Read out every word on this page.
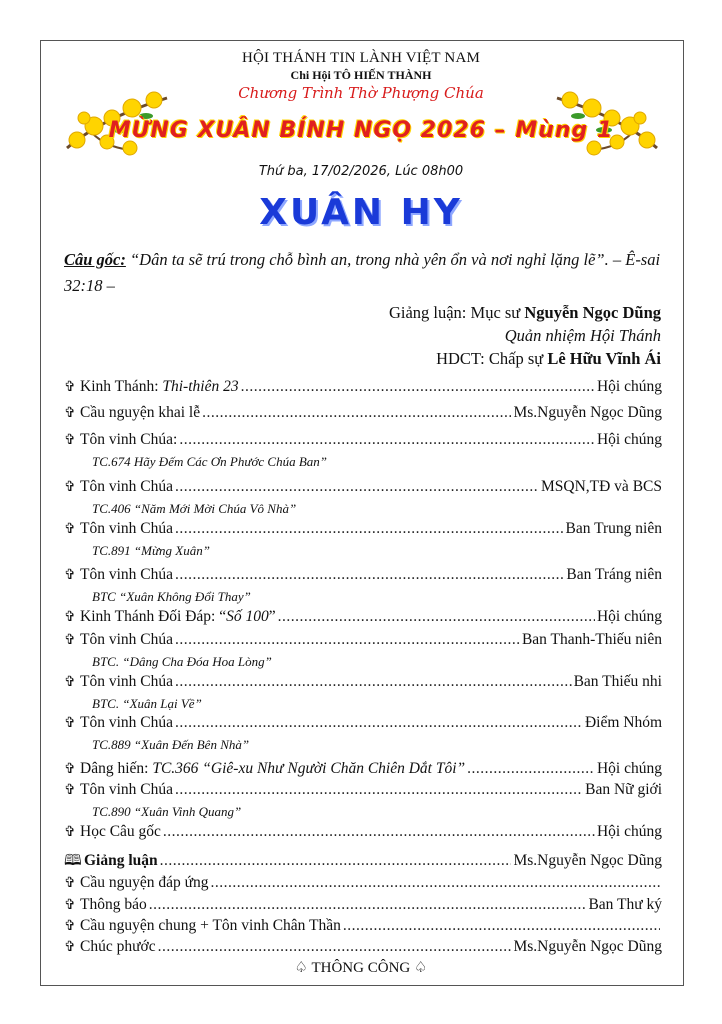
HỘI THÁNH TIN LÀNH VIỆT NAM
Chi Hội TÔ HIẾN THÀNH
Chương Trình Thờ Phượng Chúa
MỪNG XUÂN BÍNH NGỌ 2026 – Mùng 1
Thứ ba, 17/02/2026, Lúc 08h00
XUÂN HY
Câu gốc: “Dân ta sẽ trú trong chỗ bình an, trong nhà yên ổn và nơi nghỉ lặng lẽ”. – Ê-sai 32:18 –
Giảng luận: Mục sư Nguyễn Ngọc Dũng
Quản nhiệm Hội Thánh
HDCT: Chấp sự Lê Hữu Vĩnh Ái
✞ Kinh Thánh: Thi-thiên 23 .....	Hội chúng
✞ Cầu nguyện khai lễ .....	Ms.Nguyễn Ngọc Dũng
✞ Tôn vinh Chúa: .....	Hội chúng
TC.674 Hãy Đếm Các Ơn Phước Chúa Ban”
✞ Tôn vinh Chúa .....	MSQN,TĐ và BCS
TC.406 “Năm Mới Mời Chúa Vô Nhà”
✞ Tôn vinh Chúa .....	Ban Trung niên
TC.891 “Mừng Xuân”
✞ Tôn vinh Chúa .....	Ban Tráng niên
BTC “Xuân Không Đổi Thay”
✞ Kinh Thánh Đối Đáp: “Số 100” .....	Hội chúng
✞ Tôn vinh Chúa .....	Ban Thanh-Thiếu niên
BTC. “Dâng Cha Đóa Hoa Lòng”
✞ Tôn vinh Chúa .....	Ban Thiếu nhi
BTC. “Xuân Lại Về”
✞ Tôn vinh Chúa .....	Điểm Nhóm
TC.889 “Xuân Đến Bên Nhà”
✞ Dâng hiến: TC.366 “Giê-xu Như Người Chăn Chiên Dắt Tôi” .....	Hội chúng
✞ Tôn vinh Chúa .....	Ban Nữ giới
TC.890 “Xuân Vinh Quang”
✞ Học Câu gốc .....	Hội chúng
🕮 Giảng luận .....	Ms.Nguyễn Ngọc Dũng
✞ Cầu nguyện đáp ứng
.....
✞ Thông báo .....	Ban Thư ký
✞ Cầu nguyện chung + Tôn vinh Chân Thần
.....
✞ Chúc phước .....	Ms.Nguyễn Ngọc Dũng
♤ THÔNG CÔNG ♤
